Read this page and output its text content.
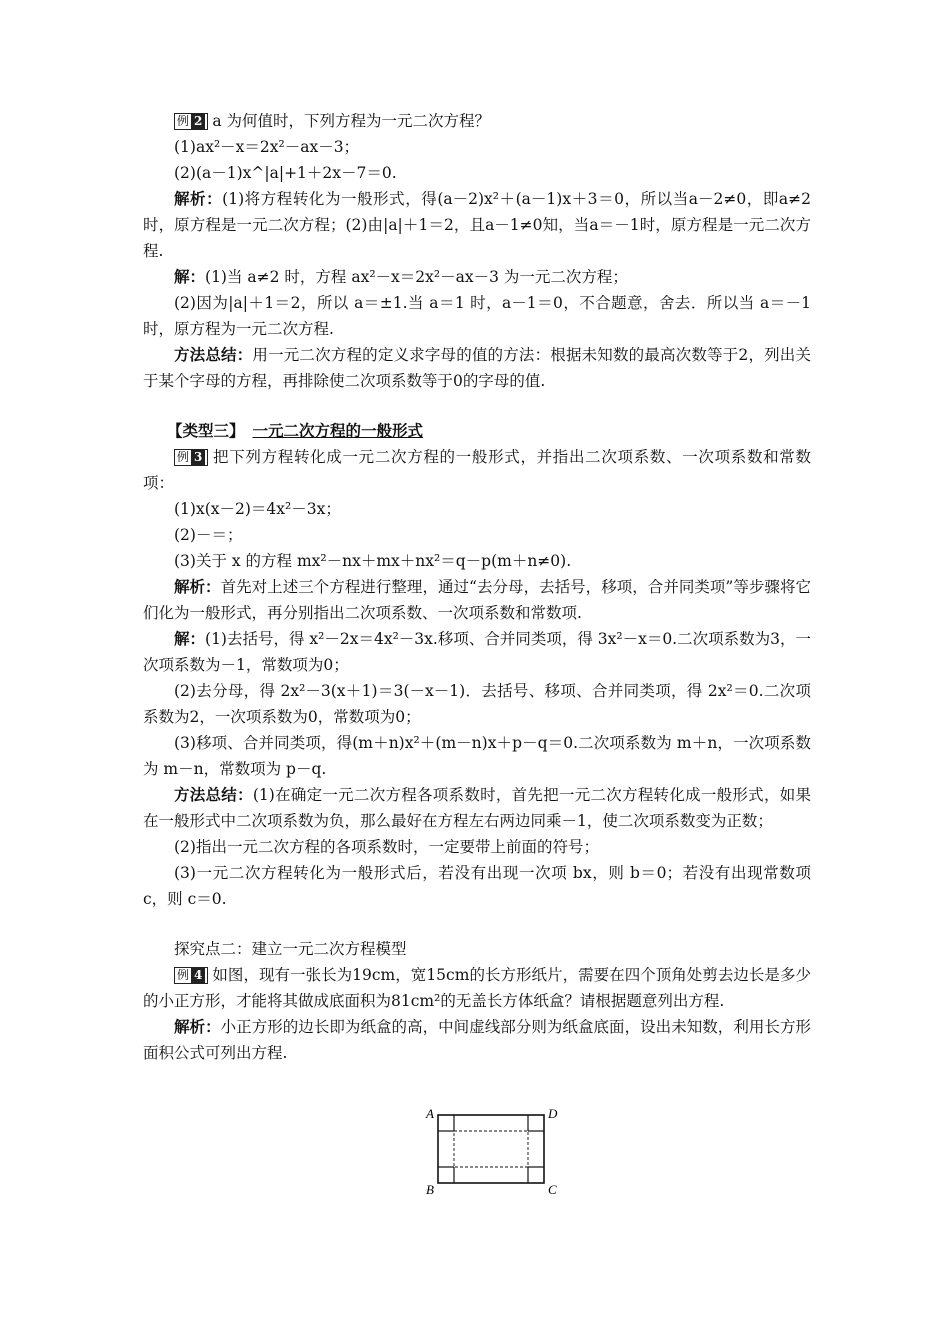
例 2 a 为何值时，下列方程为一元二次方程？
(1)ax²－x＝2x²－ax－3；
(2)(a－1)x^|a|+1＋2x－7＝0.
解析：(1)将方程转化为一般形式，得(a－2)x²＋(a－1)x＋3＝0，所以当a－2≠0，即a≠2时，原方程是一元二次方程；(2)由|a|＋1＝2，且a－1≠0知，当a＝－1时，原方程是一元二次方程.
解：(1)当 a≠2 时，方程 ax²－x＝2x²－ax－3 为一元二次方程；
(2)因为|a|＋1＝2，所以 a＝±1.当 a＝1 时，a－1＝0，不合题意，舍去．所以当 a＝－1 时，原方程为一元二次方程.
方法总结：用一元二次方程的定义求字母的值的方法：根据未知数的最高次数等于2，列出关于某个字母的方程，再排除使二次项系数等于0的字母的值.
【类型三】 一元二次方程的一般形式
例 3 把下列方程转化成一元二次方程的一般形式，并指出二次项系数、一次项系数和常数项：
(1)x(x－2)＝4x²－3x；
(2)－＝；
(3)关于 x 的方程 mx²－nx＋mx＋nx²＝q－p(m＋n≠0).
解析：首先对上述三个方程进行整理，通过“去分母，去括号，移项，合并同类项”等步骤将它们化为一般形式，再分别指出二次项系数、一次项系数和常数项.
解：(1)去括号，得 x²－2x＝4x²－3x.移项、合并同类项，得 3x²－x＝0.二次项系数为3，一次项系数为－1，常数项为0；
(2)去分母，得 2x²－3(x＋1)＝3(－x－1)．去括号、移项、合并同类项，得 2x²＝0.二次项系数为2，一次项系数为0，常数项为0；
(3)移项、合并同类项，得(m＋n)x²＋(m－n)x＋p－q＝0.二次项系数为 m＋n，一次项系数为 m－n，常数项为 p－q.
方法总结：(1)在确定一元二次方程各项系数时，首先把一元二次方程转化成一般形式，如果在一般形式中二次项系数为负，那么最好在方程左右两边同乘－1，使二次项系数变为正数；
(2)指出一元二次方程的各项系数时，一定要带上前面的符号；
(3)一元二次方程转化为一般形式后，若没有出现一次项 bx，则 b＝0；若没有出现常数项 c，则 c＝0.
探究点二：建立一元二次方程模型
例 4 如图，现有一张长为19cm，宽15cm的长方形纸片，需要在四个顶角处剪去边长是多少的小正方形，才能将其做成底面积为81cm²的无盖长方体纸盒？请根据题意列出方程.
解析：小正方形的边长即为纸盒的高，中间虚线部分则为纸盒底面，设出未知数，利用长方形面积公式可列出方程.
A	D
B	C
